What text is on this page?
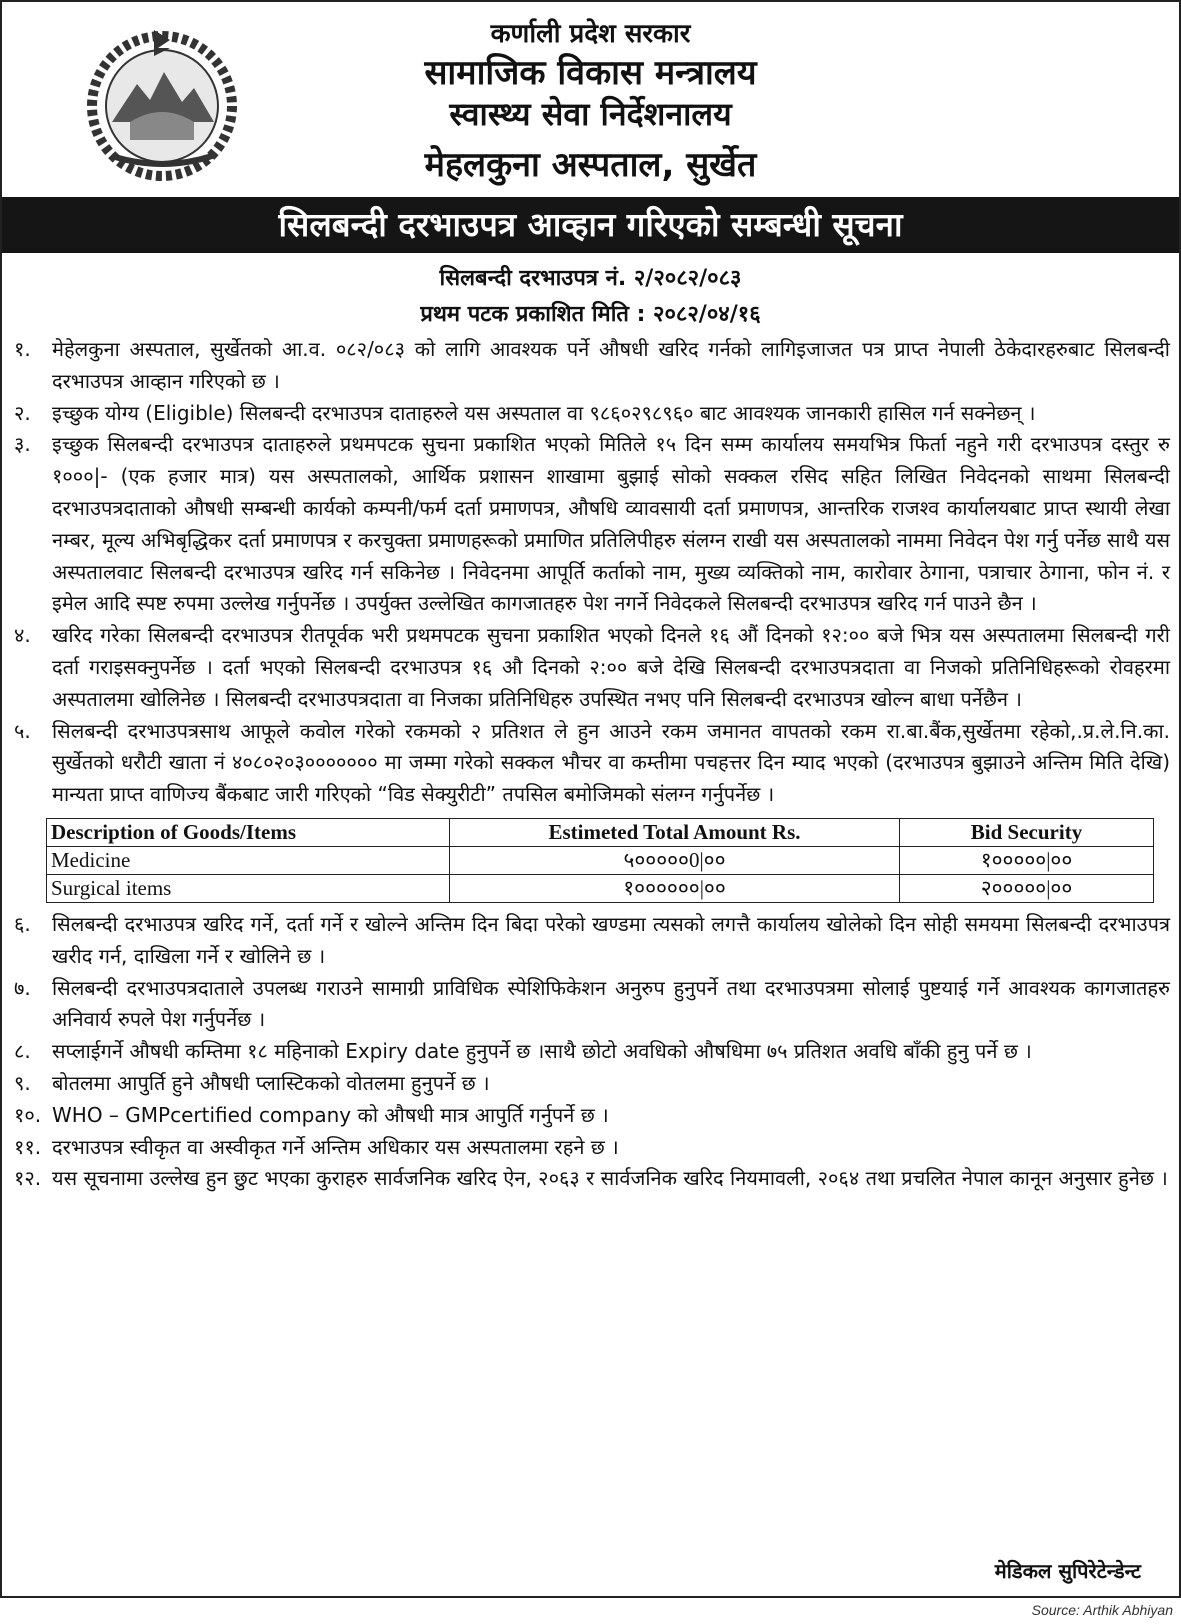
कर्णाली प्रदेश सरकार
सामाजिक विकास मन्त्रालय
स्वास्थ्य सेवा निर्देशनालय
मेहलकुना अस्पताल, सुर्खेत
सिलबन्दी दरभाउपत्र आव्हान गरिएको सम्बन्धी सूचना
सिलबन्दी दरभाउपत्र नं. २/२०८२/०८३
प्रथम पटक प्रकाशित मिति : २०८२/०४/१६
१.	मेहेलकुना अस्पताल, सुर्खेतको आ.व. ०८२/०८३ को लागि आवश्यक पर्ने औषधी खरिद गर्नको लागिइजाजत पत्र प्राप्त नेपाली ठेकेदारहरुबाट सिलबन्दी दरभाउपत्र आव्हान गरिएको छ ।
२.	इच्छुक योग्य (Eligible) सिलबन्दी दरभाउपत्र दाताहरुले यस अस्पताल वा ९८६०२९८९६० बाट आवश्यक जानकारी हासिल गर्न सक्नेछन् ।
३.	इच्छुक सिलबन्दी दरभाउपत्र दाताहरुले प्रथमपटक सुचना प्रकाशित भएको मितिले १५ दिन सम्म कार्यालय समयभित्र फिर्ता नहुने गरी दरभाउपत्र दस्तुर रु १०००|- (एक हजार मात्र) यस अस्पतालको, आर्थिक प्रशासन शाखामा बुझाई सोको सक्कल रसिद सहित लिखित निवेदनको साथमा सिलबन्दी दरभाउपत्रदाताको औषधी सम्बन्धी कार्यको कम्पनी/फर्म दर्ता प्रमाणपत्र, औषधि व्यावसायी दर्ता प्रमाणपत्र, आन्तरिक राजश्व कार्यालयबाट प्राप्त स्थायी लेखा नम्बर, मूल्य अभिबृद्धिकर दर्ता प्रमाणपत्र र करचुक्ता प्रमाणहरूको प्रमाणित प्रतिलिपीहरु संलग्न राखी यस अस्पतालको नाममा निवेदन पेश गर्नु पर्नेछ साथै यस अस्पतालवाट सिलबन्दी दरभाउपत्र खरिद गर्न सकिनेछ । निवेदनमा आपूर्ति कर्ताको नाम, मुख्य व्यक्तिको नाम, कारोवार ठेगाना, पत्राचार ठेगाना, फोन नं. र इमेल आदि स्पष्ट रुपमा उल्लेख गर्नुपर्नेछ । उपर्युक्त उल्लेखित कागजातहरु पेश नगर्ने निवेदकले सिलबन्दी दरभाउपत्र खरिद गर्न पाउने छैन ।
४.	खरिद गरेका सिलबन्दी दरभाउपत्र रीतपूर्वक भरी प्रथमपटक सुचना प्रकाशित भएको दिनले १६ औं दिनको १२:०० बजे भित्र यस अस्पतालमा सिलबन्दी गरी दर्ता गराइसक्नुपर्नेछ । दर्ता भएको सिलबन्दी दरभाउपत्र १६ औ दिनको २:०० बजे देखि सिलबन्दी दरभाउपत्रदाता वा निजको प्रतिनिधिहरूको रोवहरमा अस्पतालमा खोलिनेछ । सिलबन्दी दरभाउपत्रदाता वा निजका प्रतिनिधिहरु उपस्थित नभए पनि सिलबन्दी दरभाउपत्र खोल्न बाधा पर्नेछैन ।
५.	सिलबन्दी दरभाउपत्रसाथ आफूले कवोल गरेको रकमको २ प्रतिशत ले हुन आउने रकम जमानत वापतको रकम रा.बा.बैंक,सुर्खेतमा रहेको,.प्र.ले.नि.का. सुर्खेतको धरौटी खाता नं ४०८०२०३००००००० मा जम्मा गरेको सक्कल भौचर वा कम्तीमा पचहत्तर दिन म्याद भएको (दरभाउपत्र बुझाउने अन्तिम मिति देखि) मान्यता प्राप्त वाणिज्य बैंकबाट जारी गरिएको “विड सेक्युरीटी” तपसिल बमोजिमको संलग्न गर्नुपर्नेछ ।
Description of Goods/Items	Estimeted Total Amount Rs.	Bid Security
Medicine	५०००००0|००	१०००००|००
Surgical items	१००००००|००	२०००००|००
६.	सिलबन्दी दरभाउपत्र खरिद गर्ने, दर्ता गर्ने र खोल्ने अन्तिम दिन बिदा परेको खण्डमा त्यसको लगत्तै कार्यालय खोलेको दिन सोही समयमा सिलबन्दी दरभाउपत्र खरीद गर्न, दाखिला गर्ने र खोलिने छ ।
७.	सिलबन्दी दरभाउपत्रदाताले उपलब्ध गराउने सामाग्री प्राविधिक स्पेशिफिकेशन अनुरुप हुनुपर्ने तथा दरभाउपत्रमा सोलाई पुष्टयाई गर्ने आवश्यक कागजातहरु अनिवार्य रुपले पेश गर्नुपर्नेछ ।
८.	सप्लाईगर्ने औषधी कम्तिमा १८ महिनाको Expiry date हुनुपर्ने छ ।साथै छोटो अवधिको औषधिमा ७५ प्रतिशत अवधि बाँकी हुनु पर्ने छ ।
९.	बोतलमा आपुर्ति हुने औषधी प्लास्टिकको वोतलमा हुनुपर्ने छ ।
१०. WHO – GMPcertified company को औषधी मात्र आपुर्ति गर्नुपर्ने छ ।
११. दरभाउपत्र स्वीकृत वा अस्वीकृत गर्ने अन्तिम अधिकार यस अस्पतालमा रहने छ ।
१२. यस सूचनामा उल्लेख हुन छुट भएका कुराहरु सार्वजनिक खरिद ऐन, २०६३ र सार्वजनिक खरिद नियमावली, २०६४ तथा प्रचलित नेपाल कानून अनुसार हुनेछ ।
मेडिकल सुपिरेटेन्डेन्ट
Source: Arthik Abhiyan
